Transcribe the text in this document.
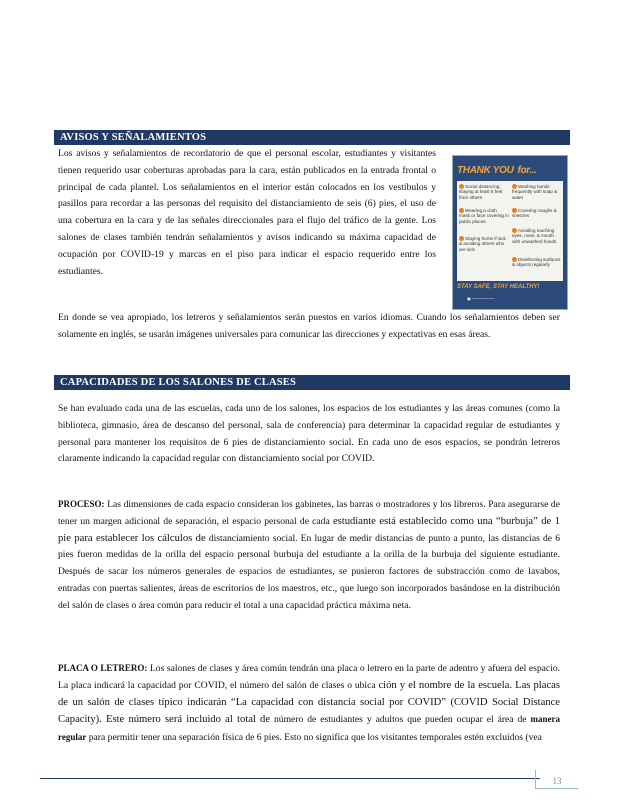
AVISOS Y SEÑALAMIENTOS
Los avisos y señalamientos de recordatorio de que el personal escolar, estudiantes y visitantes tienen requerido usar coberturas aprobadas para la cara, están publicados en la entrada frontal o principal de cada plantel. Los señalamientos en el interior están colocados en los vestíbulos y pasillos para recordar a las personas del requisito del distanciamiento de seis (6) pies, el uso de una cobertura en la cara y de las señales direccionales para el flujo del tráfico de la gente. Los salones de clases también tendrán señalamientos y avisos indicando su máxima capacidad de ocupación por COVID-19 y marcas en el piso para indicar el espacio requerido entre los estudiantes.
THANK YOU for...
Social distancing, staying at least 6 feet from others
Washing hands frequently with soap & water
Wearing a cloth mask or face covering in public places
Covering coughs & sneezes
Staying home if sick & avoiding others who are sick
Avoiding touching eyes, nose, & mouth with unwashed hands
Disinfecting surfaces & objects regularly
STAY SAFE, STAY HEALTHY!
▣ ────────
En donde se vea apropiado, los letreros y señalamientos serán puestos en varios idiomas. Cuando los señalamientos deben ser solamente en inglés, se usarán imágenes universales para comunicar las direcciones y expectativas en esas áreas.
CAPACIDADES DE LOS SALONES DE CLASES
Se han evaluado cada una de las escuelas, cada uno de los salones, los espacios de los estudiantes y las áreas comunes (como la biblioteca, gimnasio, área de descanso del personal, sala de conferencia) para determinar la capacidad regular de estudiantes y personal para mantener los requisitos de 6 pies de distanciamiento social. En cada uno de esos espacios, se pondrán letreros claramente indicando la capacidad regular con distanciamiento social por COVID.
PROCESO: Las dimensiones de cada espacio consideran los gabinetes, las barras o mostradores y los libreros. Para asegurarse de tener un margen adicional de separación, el espacio personal de cada estudiante está establecido como una “burbuja” de 1 pie para establecer los cálculos de distanciamiento social. En lugar de medir distancias de punto a punto, las distancias de 6 pies fueron medidas de la orilla del espacio personal burbuja del estudiante a la orilla de la burbuja del siguiente estudiante. Después de sacar los números generales de espacios de estudiantes, se pusieron factores de substracción como de lavabos, entradas con puertas salientes, áreas de escritorios de los maestros, etc., que luego son incorporados basándose en la distribución del salón de clases o área común para reducir el total a una capacidad práctica máxima neta.
PLACA O LETRERO: Los salones de clases y área común tendrán una placa o letrero en la parte de adentro y afuera del espacio. La placa indicará la capacidad por COVID, el número del salón de clases o ubica ción y el nombre de la escuela. Las placas de un salón de clases típico indicarán “La capacidad con distancia social por COVID” (COVID Social Distance Capacity). Este número será incluido al total de número de estudiantes y adultos que pueden ocupar el área de manera regular para permitir tener una separación física de 6 pies. Esto no significa que los visitantes temporales estén excluidos (vea
13
